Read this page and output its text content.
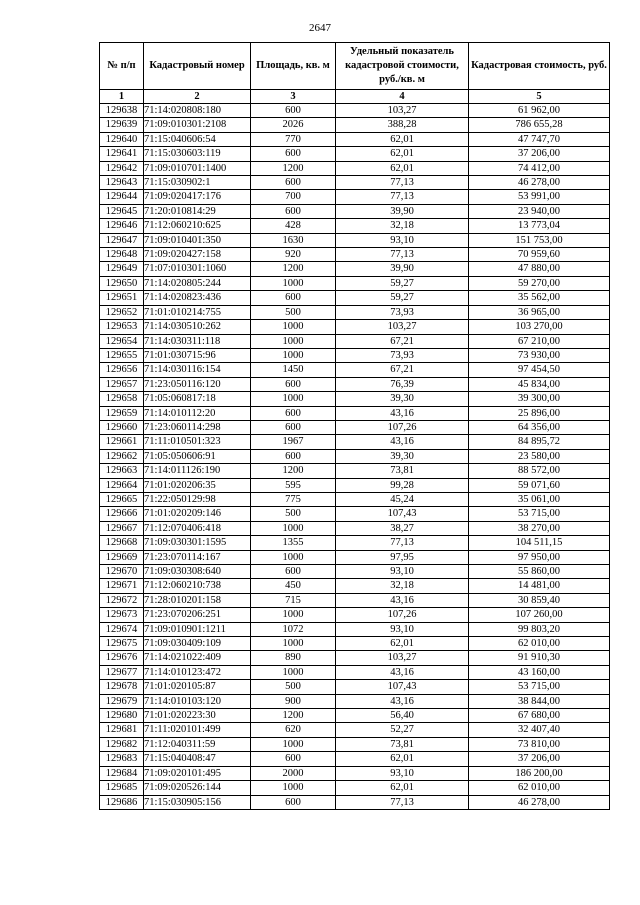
2647
№ п/п	Кадастровый номер	Площадь, кв. м	Удельный показатель кадастровой стоимости, руб./кв. м	Кадастровая стоимость, руб.
1	2	3	4	5
129638	71:14:020808:180	600	103,27	61 962,00
129639	71:09:010301:2108	2026	388,28	786 655,28
129640	71:15:040606:54	770	62,01	47 747,70
129641	71:15:030603:119	600	62,01	37 206,00
129642	71:09:010701:1400	1200	62,01	74 412,00
129643	71:15:030902:1	600	77,13	46 278,00
129644	71:09:020417:176	700	77,13	53 991,00
129645	71:20:010814:29	600	39,90	23 940,00
129646	71:12:060210:625	428	32,18	13 773,04
129647	71:09:010401:350	1630	93,10	151 753,00
129648	71:09:020427:158	920	77,13	70 959,60
129649	71:07:010301:1060	1200	39,90	47 880,00
129650	71:14:020805:244	1000	59,27	59 270,00
129651	71:14:020823:436	600	59,27	35 562,00
129652	71:01:010214:755	500	73,93	36 965,00
129653	71:14:030510:262	1000	103,27	103 270,00
129654	71:14:030311:118	1000	67,21	67 210,00
129655	71:01:030715:96	1000	73,93	73 930,00
129656	71:14:030116:154	1450	67,21	97 454,50
129657	71:23:050116:120	600	76,39	45 834,00
129658	71:05:060817:18	1000	39,30	39 300,00
129659	71:14:010112:20	600	43,16	25 896,00
129660	71:23:060114:298	600	107,26	64 356,00
129661	71:11:010501:323	1967	43,16	84 895,72
129662	71:05:050606:91	600	39,30	23 580,00
129663	71:14:011126:190	1200	73,81	88 572,00
129664	71:01:020206:35	595	99,28	59 071,60
129665	71:22:050129:98	775	45,24	35 061,00
129666	71:01:020209:146	500	107,43	53 715,00
129667	71:12:070406:418	1000	38,27	38 270,00
129668	71:09:030301:1595	1355	77,13	104 511,15
129669	71:23:070114:167	1000	97,95	97 950,00
129670	71:09:030308:640	600	93,10	55 860,00
129671	71:12:060210:738	450	32,18	14 481,00
129672	71:28:010201:158	715	43,16	30 859,40
129673	71:23:070206:251	1000	107,26	107 260,00
129674	71:09:010901:1211	1072	93,10	99 803,20
129675	71:09:030409:109	1000	62,01	62 010,00
129676	71:14:021022:409	890	103,27	91 910,30
129677	71:14:010123:472	1000	43,16	43 160,00
129678	71:01:020105:87	500	107,43	53 715,00
129679	71:14:010103:120	900	43,16	38 844,00
129680	71:01:020223:30	1200	56,40	67 680,00
129681	71:11:020101:499	620	52,27	32 407,40
129682	71:12:040311:59	1000	73,81	73 810,00
129683	71:15:040408:47	600	62,01	37 206,00
129684	71:09:020101:495	2000	93,10	186 200,00
129685	71:09:020526:144	1000	62,01	62 010,00
129686	71:15:030905:156	600	77,13	46 278,00
